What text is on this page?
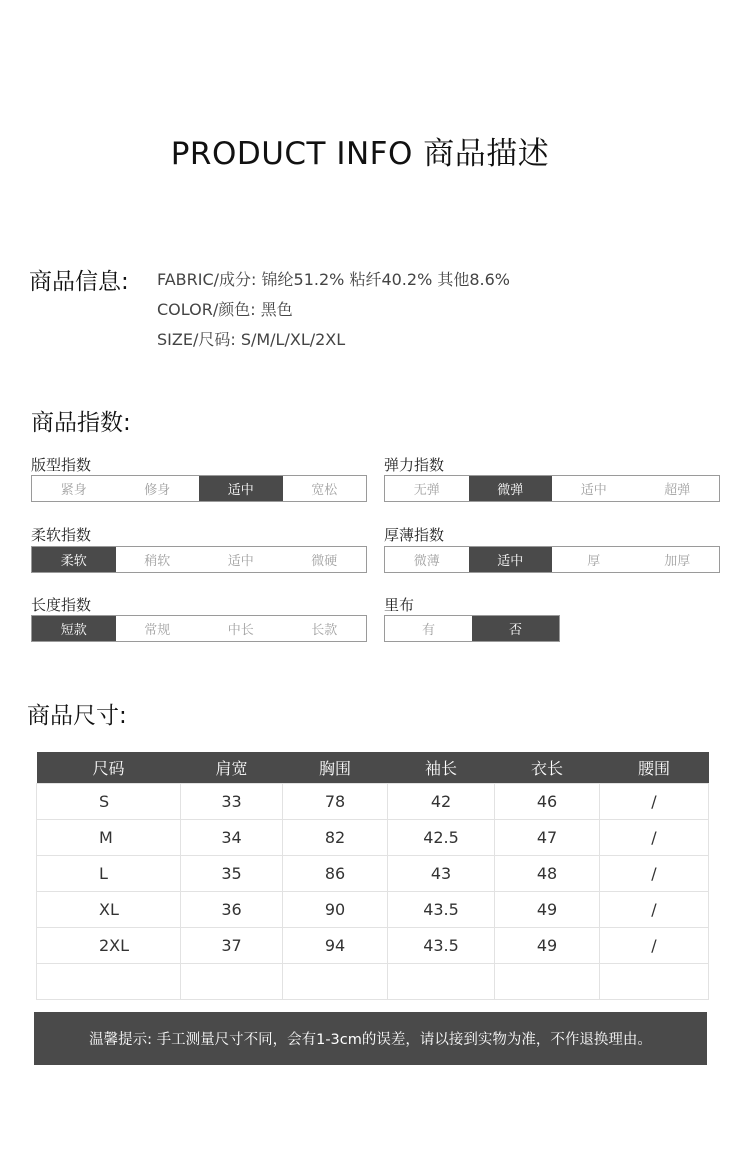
PRODUCT INFO 商品描述
商品信息: FABRIC/成分: 锦纶51.2% 粘纤40.2% 其他8.6%
COLOR/颜色: 黑色
SIZE/尺码: S/M/L/XL/2XL
商品指数:
版型指数
紧身	修身	适中	宽松
弹力指数
无弹	微弹	适中	超弹
柔软指数
柔软	稍软	适中	微硬
厚薄指数
微薄	适中	厚	加厚
长度指数
短款	常规	中长	长款
里布
有	否
商品尺寸:
尺码	肩宽	胸围	袖长	衣长	腰围
S	33	78	42	46	/
M	34	82	42.5	47	/
L	35	86	43	48	/
XL	36	90	43.5	49	/
2XL	37	94	43.5	49	/

温馨提示: 手工测量尺寸不同，会有1-3cm的误差，请以接到实物为准，不作退换理由。
